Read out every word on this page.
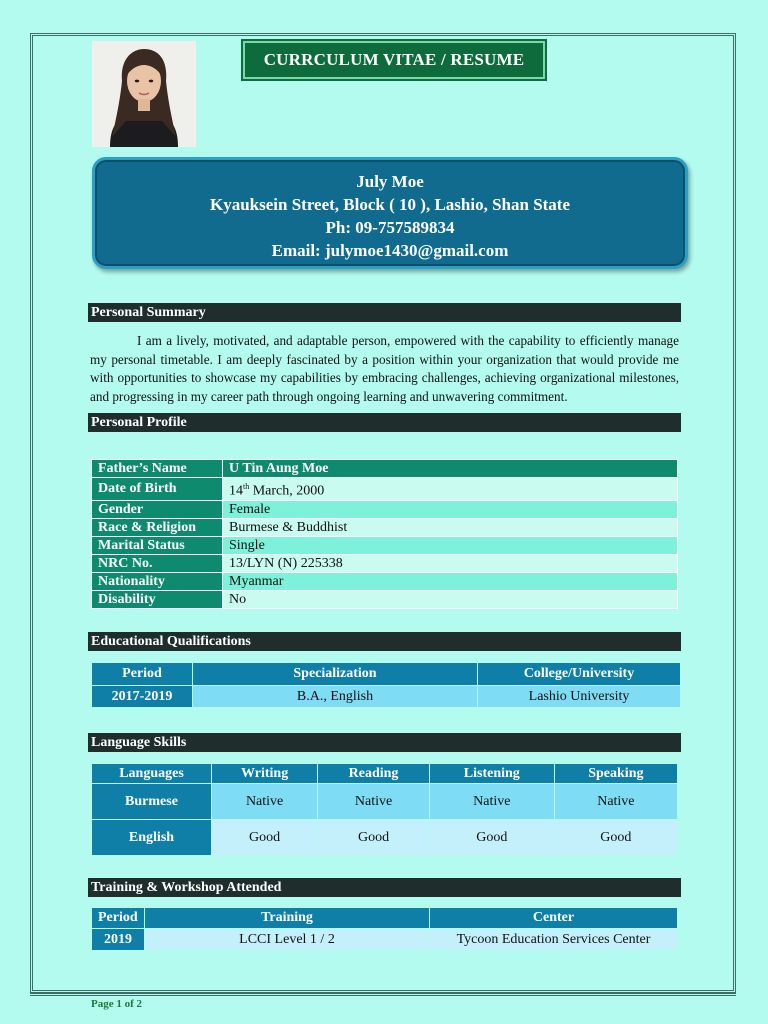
CURRCULUM VITAE / RESUME
July Moe
Kyauksein Street, Block ( 10 ), Lashio, Shan State
Ph: 09-757589834
Email: julymoe1430@gmail.com
Personal Summary
I am a lively, motivated, and adaptable person, empowered with the capability to efficiently manage my personal timetable. I am deeply fascinated by a position within your organization that would provide me with opportunities to showcase my capabilities by embracing challenges, achieving organizational milestones, and progressing in my career path through ongoing learning and unwavering commitment.
Personal Profile
Father’s Name	U Tin Aung Moe
Date of Birth	14th March, 2000
Gender	Female
Race & Religion	Burmese & Buddhist
Marital Status	Single
NRC No.	13/LYN (N) 225338
Nationality	Myanmar
Disability	No
Educational Qualifications
Period	Specialization	College/University
2017-2019	B.A., English	Lashio University
Language Skills
Languages	Writing	Reading	Listening	Speaking
Burmese	Native	Native	Native	Native
English	Good	Good	Good	Good
Training & Workshop Attended
Period	Training	Center
2019	LCCI Level 1 / 2	Tycoon Education Services Center
Page 1 of 2
